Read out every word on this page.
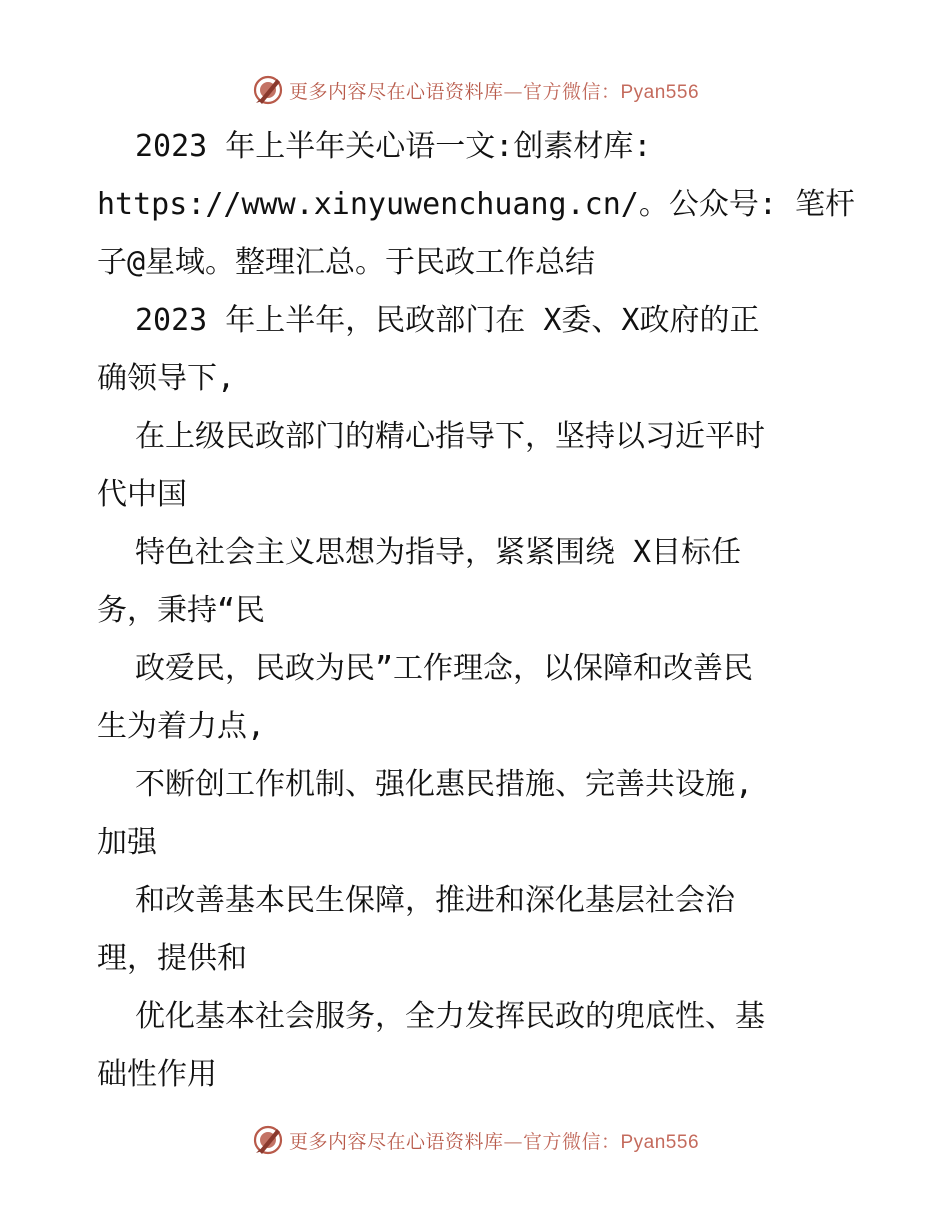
更多内容尽在心语资料库—官方微信：Pyan556
2023 年上半年关心语一文:创素材库:
https://www.xinyuwenchuang.cn/。公众号: 笔杆
子@星域。整理汇总。于民政工作总结
2023 年上半年，民政部门在 X委、X政府的正
确领导下,
在上级民政部门的精心指导下，坚持以习近平时
代中国
特色社会主义思想为指导，紧紧围绕 X目标任
务，秉持“民
政爱民，民政为民”工作理念，以保障和改善民
生为着力点,
不断创工作机制、强化惠民措施、完善共设施,
加强
和改善基本民生保障，推进和深化基层社会治
理，提供和
优化基本社会服务，全力发挥民政的兜底性、基
础性作用
更多内容尽在心语资料库—官方微信：Pyan556
